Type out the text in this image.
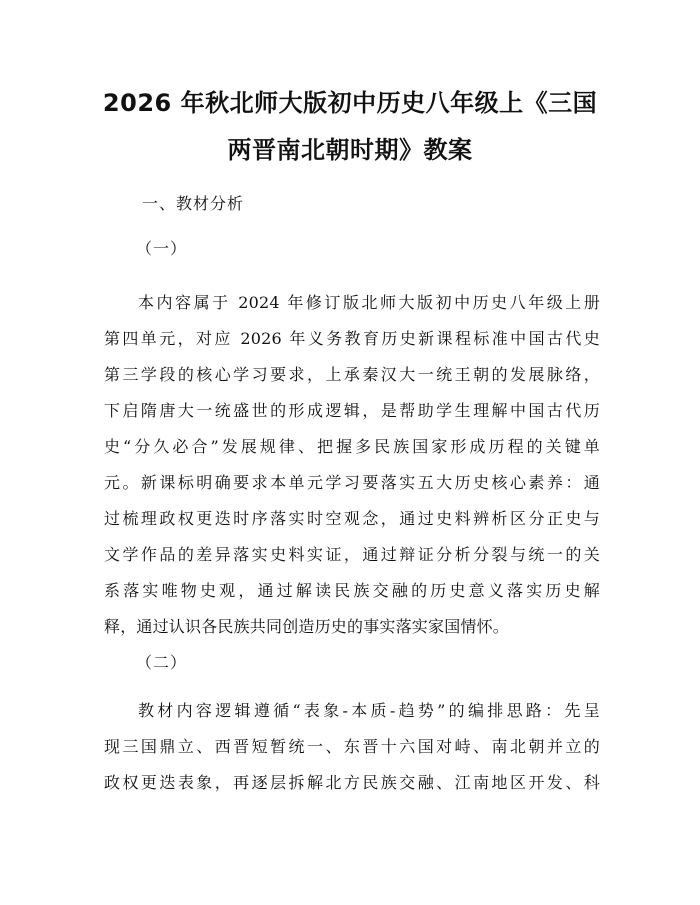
2026 年秋北师大版初中历史八年级上《三国
两晋南北朝时期》教案

一、教材分析

（一）

本内容属于 2024 年修订版北师大版初中历史八年级上册
第四单元，对应 2026 年义务教育历史新课程标准中国古代史
第三学段的核心学习要求，上承秦汉大一统王朝的发展脉络，
下启隋唐大一统盛世的形成逻辑，是帮助学生理解中国古代历
史“分久必合”发展规律、把握多民族国家形成历程的关键单
元。新课标明确要求本单元学习要落实五大历史核心素养：通
过梳理政权更迭时序落实时空观念，通过史料辨析区分正史与
文学作品的差异落实史料实证，通过辩证分析分裂与统一的关
系落实唯物史观，通过解读民族交融的历史意义落实历史解
释，通过认识各民族共同创造历史的事实落实家国情怀。

（二）

教材内容逻辑遵循“表象-本质-趋势”的编排思路：先呈
现三国鼎立、西晋短暂统一、东晋十六国对峙、南北朝并立的
政权更迭表象，再逐层拆解北方民族交融、江南地区开发、科
